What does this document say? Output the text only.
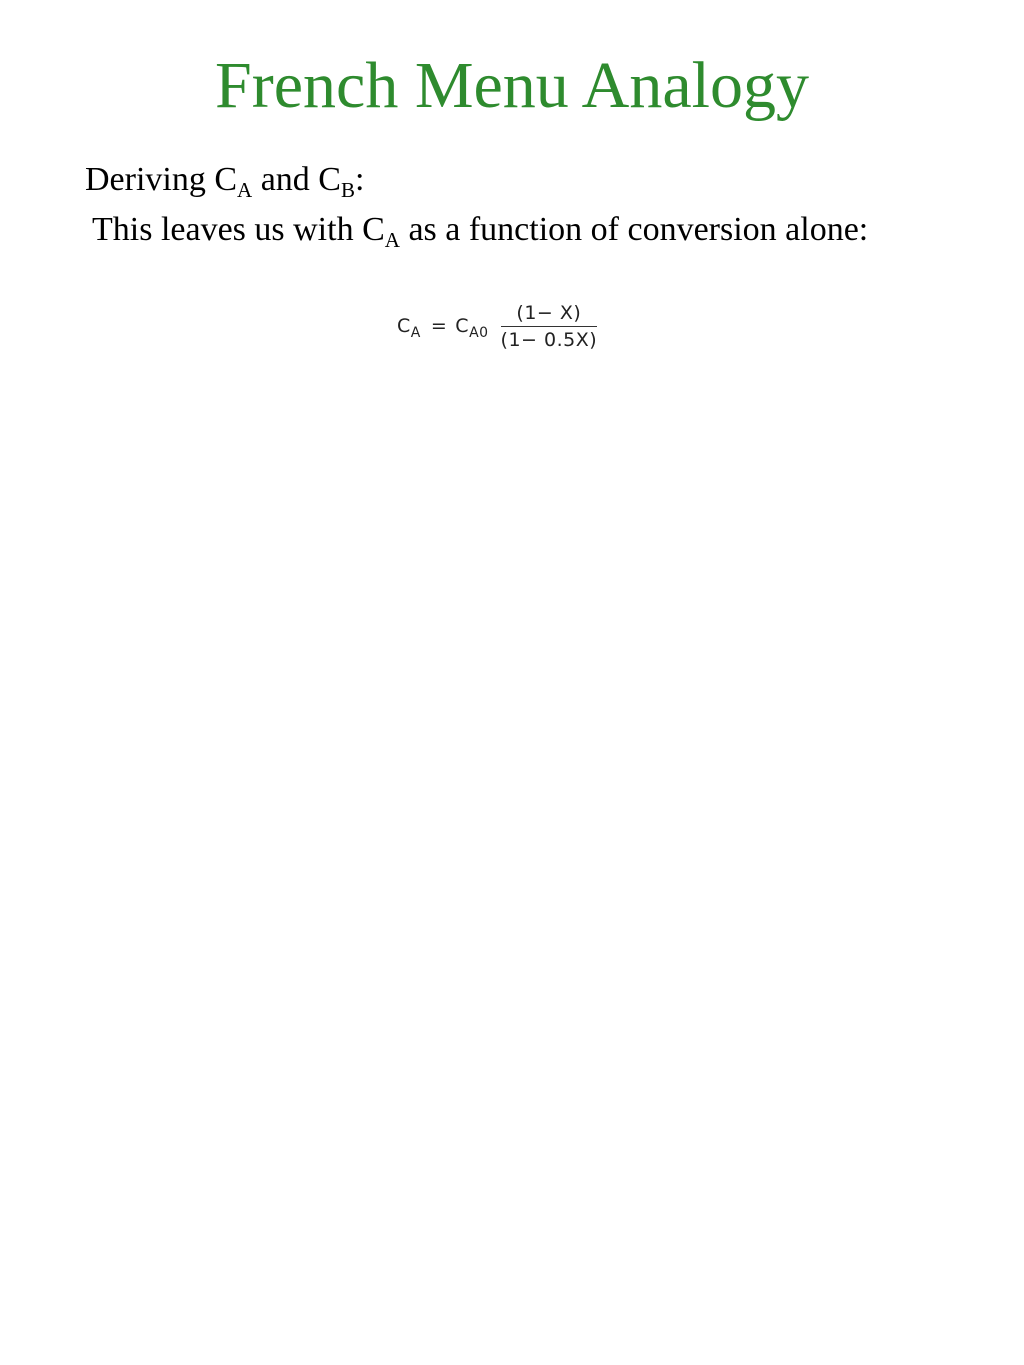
French Menu Analogy
Deriving $C_A$ and $C_B$:
This leaves us with $C_A$ as a function of conversion alone:
$C_A = C_{A0} \frac{(1- X)}{(1- 0.5X)}$
